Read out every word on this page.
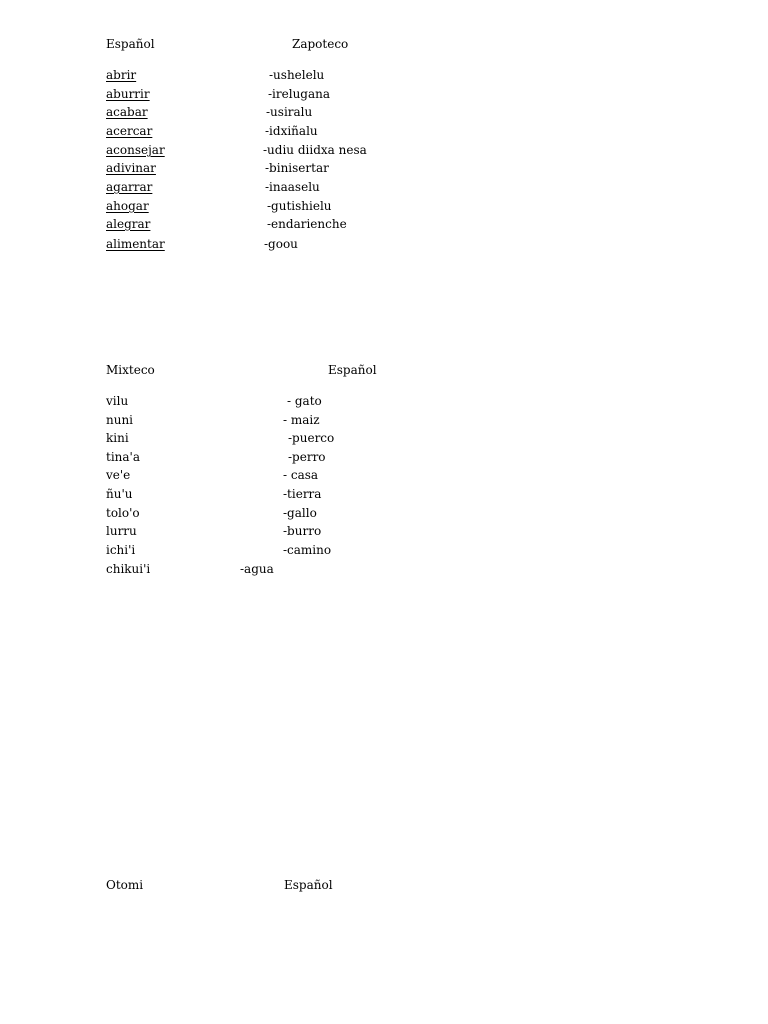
Español	Zapoteco
abrir	-ushelelu
aburrir	-irelugana
acabar	-usiralu
acercar	-idxiñalu
aconsejar	-udiu diidxa nesa
adivinar	-binisertar
agarrar	-inaaselu
ahogar	-gutishielu
alegrar	-endarienche
alimentar	-goou
Mixteco	Español
vilu	- gato
nuni	- maiz
kini	-puerco
tina'a	-perro
ve'e	- casa
ñu'u	-tierra
tolo'o	-gallo
lurru	-burro
ichi'i	-camino
chikui'i	-agua
Otomi	Español
